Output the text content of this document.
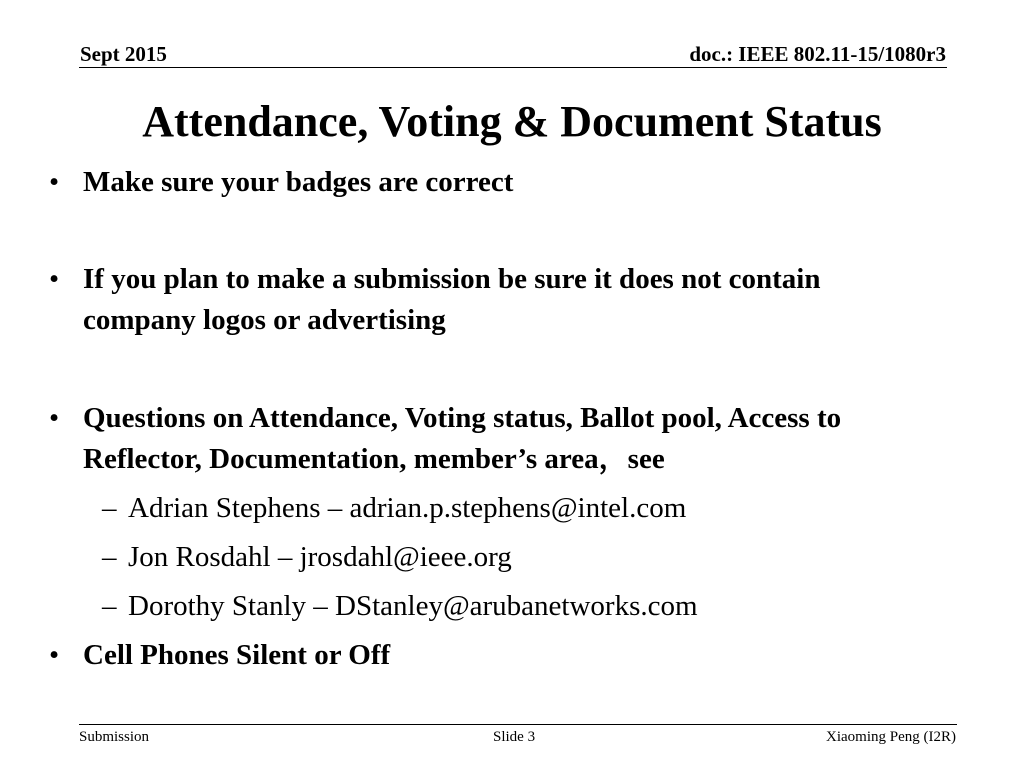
Sept 2015	doc.: IEEE 802.11-15/1080r3
Attendance, Voting & Document Status
• Make sure your badges are correct
• If you plan to make a submission be sure it does not contain
company logos or advertising
• Questions on Attendance, Voting status, Ballot pool, Access to
Reflector, Documentation, member’s area，see
– Adrian Stephens – adrian.p.stephens@intel.com
– Jon Rosdahl – jrosdahl@ieee.org
– Dorothy Stanly – DStanley@arubanetworks.com
• Cell Phones Silent or Off
Submission	Slide 3	Xiaoming Peng (I2R)
